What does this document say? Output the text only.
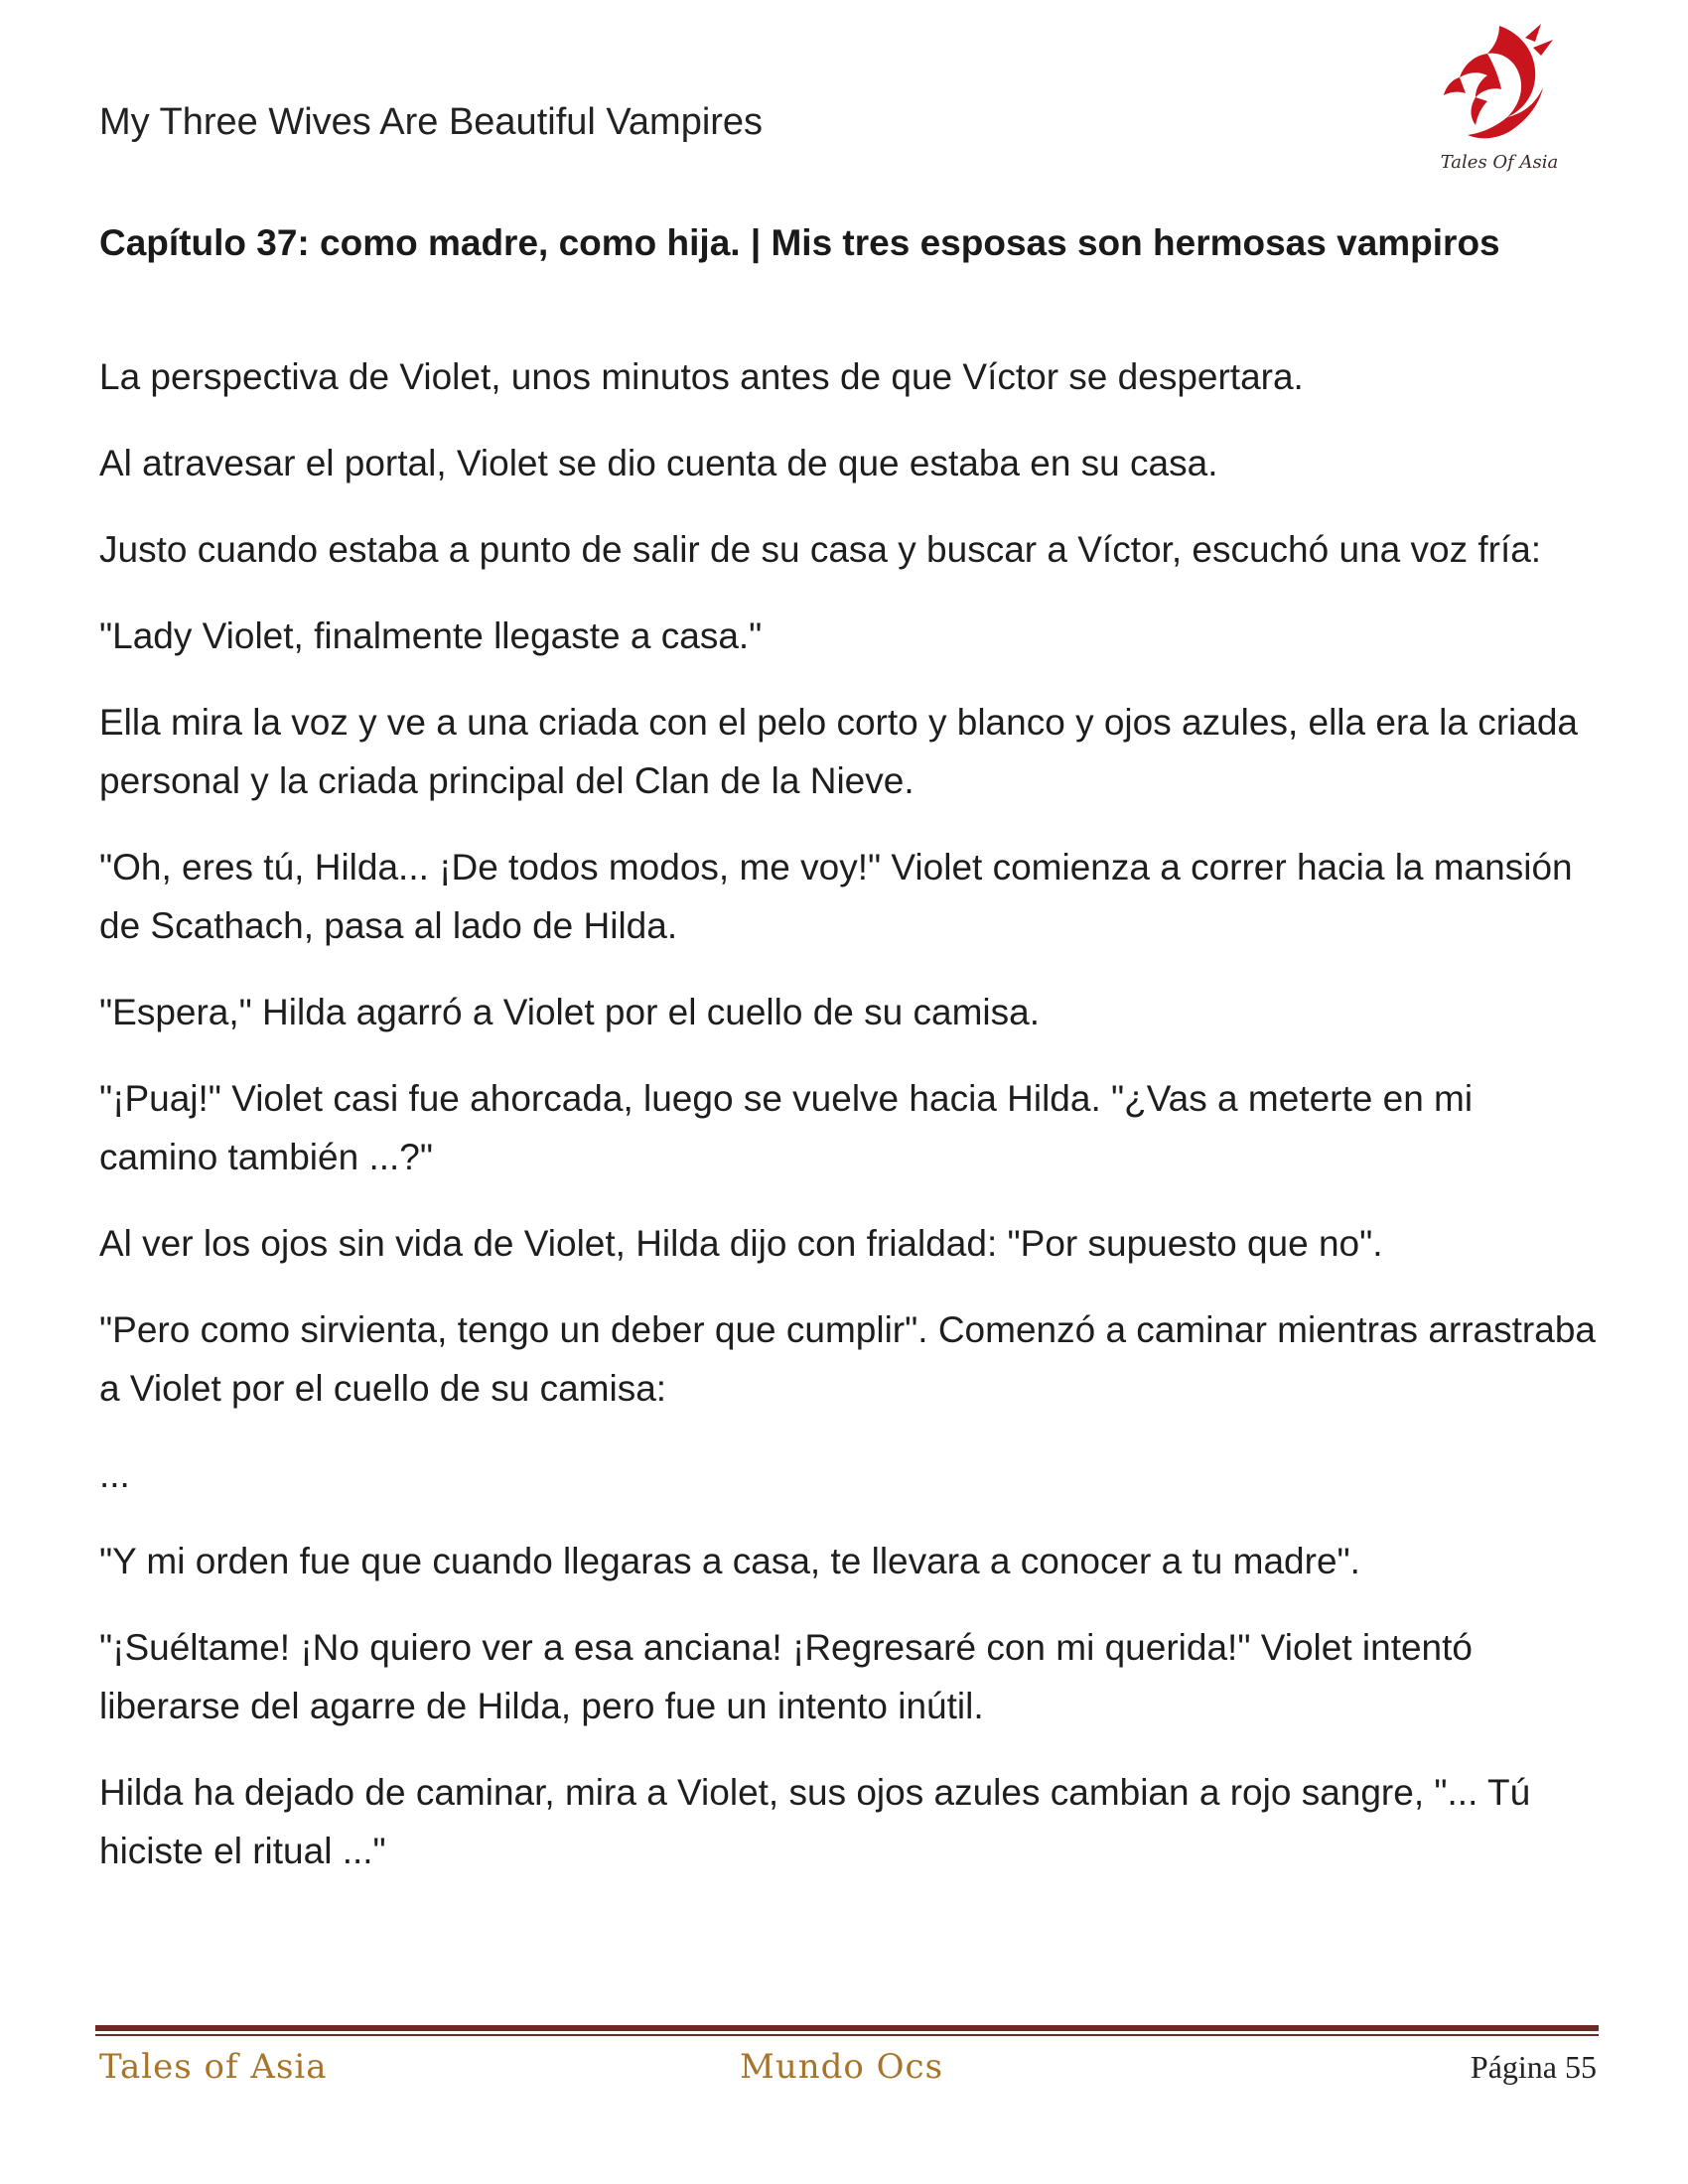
My Three Wives Are Beautiful Vampires
Tales Of Asia
Capítulo 37: como madre, como hija. | Mis tres esposas son hermosas vampiros

La perspectiva de Violet, unos minutos antes de que Víctor se despertara.

Al atravesar el portal, Violet se dio cuenta de que estaba en su casa.

Justo cuando estaba a punto de salir de su casa y buscar a Víctor, escuchó una voz fría:

"Lady Violet, finalmente llegaste a casa."

Ella mira la voz y ve a una criada con el pelo corto y blanco y ojos azules, ella era la criada personal y la criada principal del Clan de la Nieve.

"Oh, eres tú, Hilda... ¡De todos modos, me voy!" Violet comienza a correr hacia la mansión de Scathach, pasa al lado de Hilda.

"Espera," Hilda agarró a Violet por el cuello de su camisa.

"¡Puaj!" Violet casi fue ahorcada, luego se vuelve hacia Hilda. "¿Vas a meterte en mi camino también ...?"

Al ver los ojos sin vida de Violet, Hilda dijo con frialdad: "Por supuesto que no".

"Pero como sirvienta, tengo un deber que cumplir". Comenzó a caminar mientras arrastraba a Violet por el cuello de su camisa:

...

"Y mi orden fue que cuando llegaras a casa, te llevara a conocer a tu madre".

"¡Suéltame! ¡No quiero ver a esa anciana! ¡Regresaré con mi querida!" Violet intentó liberarse del agarre de Hilda, pero fue un intento inútil.

Hilda ha dejado de caminar, mira a Violet, sus ojos azules cambian a rojo sangre, "... Tú hiciste el ritual ..."

Tales of Asia	Mundo Ocs	Página 55
